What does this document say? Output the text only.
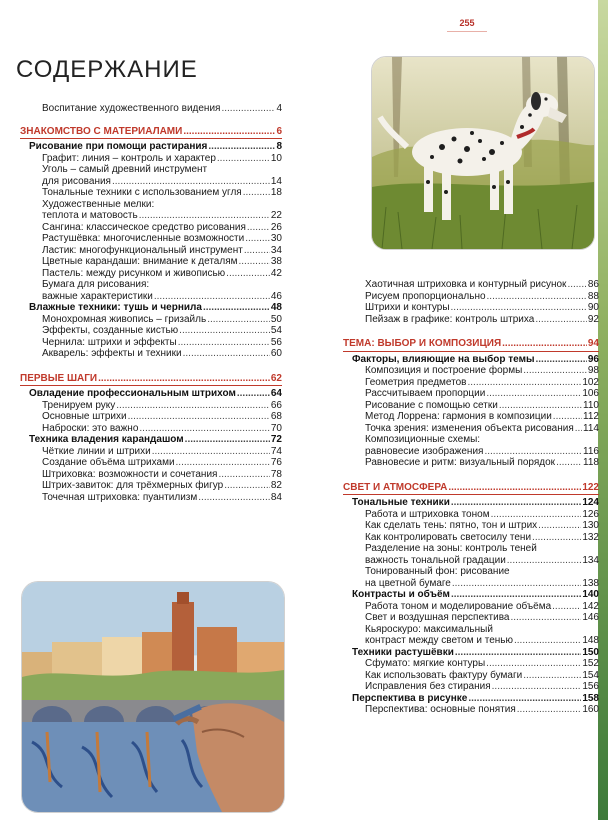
255
СОДЕРЖАНИЕ
Воспитание художественного видения .....	4
ЗНАКОМСТВО С МАТЕРИАЛАМИ .....	6
Рисование при помощи растирания .....	8
Графит: линия – контроль и характер .....	10
Уголь – самый древний инструмент
для рисования .....	14
Тональные техники с использованием угля .....	18
Художественные мелки:
теплота и матовость .....	22
Сангина: классическое средство рисования ..... 26
Растушёвка: многочисленные возможности .....	30
Ластик: многофункциональный инструмент .....	34
Цветные карандаши: внимание к деталям .....	38
Пастель: между рисунком и живописью .....	42
Бумага для рисования:
важные характеристики .....	46
Влажные техники: тушь и чернила .....	48
Монохромная живопись – гризайль .....	50
Эффекты, созданные кистью .....	54
Чернила: штрихи и эффекты .....	56
Акварель: эффекты и техники .....	60
ПЕРВЫЕ ШАГИ .....	62
Овладение профессиональным штрихом .....	64
Тренируем руку .....	66
Основные штрихи .....	68
Наброски: это важно .....	70
Техника владения карандашом .....	72
Чёткие линии и штрихи .....	74
Создание объёма штрихами .....	76
Штриховка: возможности и сочетания .....	78
Штрих-завиток: для трёхмерных фигур .....	82
Точечная штриховка: пуантилизм .....	84
Хаотичная штриховка и контурный рисунок ..... 86
Рисуем пропорционально .....	88
Штрихи и контуры .....	90
Пейзаж в графике: контроль штриха .....	92
ТЕМА: ВЫБОР И КОМПОЗИЦИЯ .....	94
Факторы, влияющие на выбор темы .....	96
Композиция и построение формы .....	98
Геометрия предметов .....	102
Рассчитываем пропорции .....	106
Рисование с помощью сетки .....	110
Метод Лоррена: гармония в композиции .....	112
Точка зрения: изменения объекта рисования ..... 114
Композиционные схемы:
равновесие изображения .....	116
Равновесие и ритм: визуальный порядок .....	118
СВЕТ И АТМОСФЕРА .....	122
Тональные техники .....	124
Работа и штриховка тоном .....	126
Как сделать тень: пятно, тон и штрих .....	130
Как контролировать светосилу тени .....	132
Разделение на зоны: контроль теней
важность тональной градации .....	134
Тонированный фон: рисование
на цветной бумаге .....	138
Контрасты и объём .....	140
Работа тоном и моделирование объёма .....	142
Свет и воздушная перспектива .....	146
Кьяроскуро: максимальный
контраст между светом и тенью .....	148
Техники растушёвки .....	150
Сфумато: мягкие контуры .....	152
Как использовать фактуру бумаги .....	154
Исправления без стирания .....	156
Перспектива в рисунке .....	158
Перспектива: основные понятия .....	160
